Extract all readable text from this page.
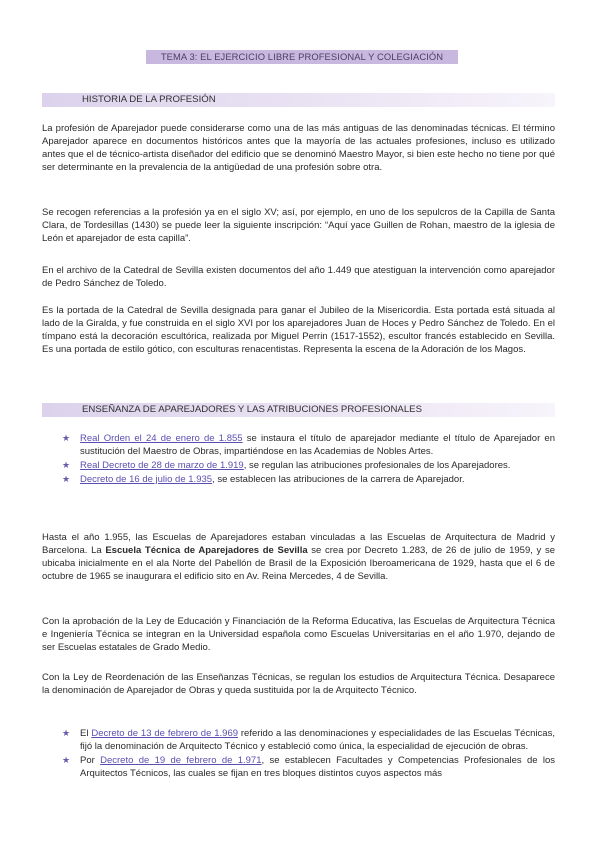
TEMA 3: EL EJERCICIO LIBRE PROFESIONAL Y COLEGIACIÓN
HISTORIA DE LA PROFESIÓN

La profesión de Aparejador puede considerarse como una de las más antiguas de las denominadas técnicas. El término Aparejador aparece en documentos históricos antes que la mayoría de las actuales profesiones, incluso es utilizado antes que el de técnico-artista diseñador del edificio que se denominó Maestro Mayor, si bien este hecho no tiene por qué ser determinante en la prevalencia de la antigüedad de una profesión sobre otra.

Se recogen referencias a la profesión ya en el siglo XV; así, por ejemplo, en uno de los sepulcros de la Capilla de Santa Clara, de Tordesillas (1430) se puede leer la siguiente inscripción: “Aquí yace Guillen de Rohan, maestro de la iglesia de León et aparejador de esta capilla”.

En el archivo de la Catedral de Sevilla existen documentos del año 1.449 que atestiguan la intervención como aparejador de Pedro Sánchez de Toledo.

Es la portada de la Catedral de Sevilla designada para ganar el Jubileo de la Misericordia. Esta portada está situada al lado de la Giralda, y fue construida en el siglo XVI por los aparejadores Juan de Hoces y Pedro Sánchez de Toledo. En el tímpano está la decoración escultórica, realizada por Miguel Perrin (1517-1552), escultor francés establecido en Sevilla. Es una portada de estilo gótico, con esculturas renacentistas. Representa la escena de la Adoración de los Magos.

ENSEÑANZA DE APAREJADORES Y LAS ATRIBUCIONES PROFESIONALES
★ Real Orden el 24 de enero de 1.855 se instaura el título de aparejador mediante el título de Aparejador en sustitución del Maestro de Obras, impartiéndose en las Academias de Nobles Artes.
★ Real Decreto de 28 de marzo de 1.919, se regulan las atribuciones profesionales de los Aparejadores.
★ Decreto de 16 de julio de 1.935, se establecen las atribuciones de la carrera de Aparejador.

Hasta el año 1.955, las Escuelas de Aparejadores estaban vinculadas a las Escuelas de Arquitectura de Madrid y Barcelona. La Escuela Técnica de Aparejadores de Sevilla se crea por Decreto 1.283, de 26 de julio de 1959, y se ubicaba inicialmente en el ala Norte del Pabellón de Brasil de la Exposición Iberoamericana de 1929, hasta que el 6 de octubre de 1965 se inaugurara el edificio sito en Av. Reina Mercedes, 4 de Sevilla.

Con la aprobación de la Ley de Educación y Financiación de la Reforma Educativa, las Escuelas de Arquitectura Técnica e Ingeniería Técnica se integran en la Universidad española como Escuelas Universitarias en el año 1.970, dejando de ser Escuelas estatales de Grado Medio.

Con la Ley de Reordenación de las Enseñanzas Técnicas, se regulan los estudios de Arquitectura Técnica. Desaparece la denominación de Aparejador de Obras y queda sustituida por la de Arquitecto Técnico.

★ El Decreto de 13 de febrero de 1.969 referido a las denominaciones y especialidades de las Escuelas Técnicas, fijó la denominación de Arquitecto Técnico y estableció como única, la especialidad de ejecución de obras.
★ Por Decreto de 19 de febrero de 1.971, se establecen Facultades y Competencias Profesionales de los Arquitectos Técnicos, las cuales se fijan en tres bloques distintos cuyos aspectos más
